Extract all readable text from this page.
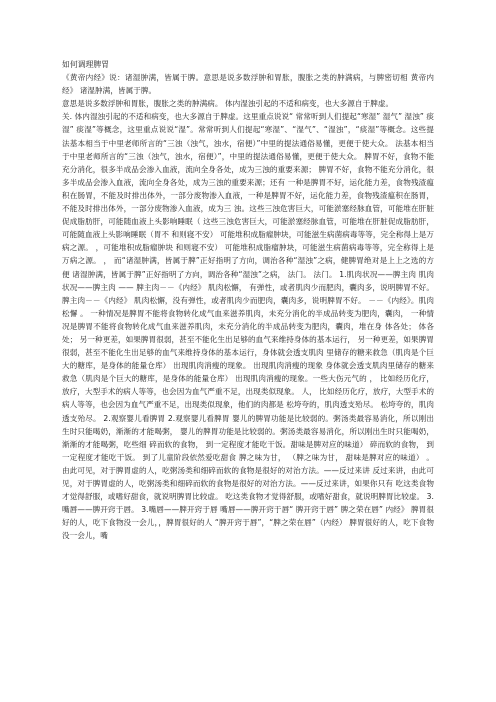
如何调理脾胃

《黄帝内经》说：诸湿肿满，皆属于脾。意思是说多数浮肿和胃胀，腹胀之类的肿满病，与脾密切相 黄帝内经》 诸湿肿满，皆属于脾。

意思是说多数浮肿和胃胀，腹胀之类的肿满病。 体内湿浊引起的不适和病变，也大多源自于脾虚。

关. 体内湿浊引起的不适和病变，也大多源自于脾虚。这里重点说说“ 常常听到人们提起“寒湿” 湿气” 湿浊” 痰湿” 痰湿”等概念，这里重点说说“湿”。常常听到人们提起“寒湿”、“湿气”、“湿浊”，“痰湿”等概念。这些提 法基本相当于中里老师所言的“三浊（浊气，浊水，宿便）”中里的提法通俗易懂，更便于使大众。 法基本相当于中里老师所言的“三浊（浊气，浊水，宿便）”，中里的提法通俗易懂，更便于使大众。 脾胃不好，食物不能充分消化，很多半成品会渗入血液，流向全身各处，成为三浊的重要来源； 脾胃不好，食物不能充分消化，很多半成品会渗入血液，流向全身各处，成为三浊的重要来源；还有 一种是脾胃不好，运化能力差，食物残渣瘟积在肠胃，不能及时排出体外，一部分废物渗入血液，一种是脾胃不好，运化能力差，食物残渣瘟积在肠胃，不能及时排出体外，一部分废物渗入血液，成为三 浊。这些三浊危害巨大，可能淤塞经脉血管，可能堆在肝脏促成脂肪肝，可能随血液上头影响睡眠（ 这些三浊危害巨大，可能淤塞经脉血管，可能堆在肝脏促成脂肪肝，可能随血液上头影响睡眠（胃不 和则寝不安） 可能堆积成脂瘤肿块，可能滋生病菌病毒等等，完全称得上是万病之源。 ，可能堆积成脂瘤肿块 和则寝不安） 可能堆积成脂瘤肿块，可能滋生病菌病毒等等，完全称得上是万病之源。 ， 而“诸湿肿满，皆属于脾”正好指明了方向，调治各种“湿浊”之病，健脾胃绝对是上上之选的方便 诸湿肿满，皆属于脾”正好指明了方向，调治各种“湿浊”之病， 法门。 法门。 1.肌肉状况——脾主肉 肌肉状况——脾主肉 —— 脾主肉－－《内经》 肌肉松懈， 有弹性，或者肌肉少而肥肉，囊肉多，说明脾胃不好。 脾主肉－－《内经》 肌肉松懈，没有弹性，或者肌肉少而肥肉，囊肉多，说明脾胃不好。 －－《内经》。肌肉松懈 。 一种情况是脾胃不能将食物转化成气血来滋养肌肉，未充分消化的半成品转变为肥肉，囊肉， 一种情况是脾胃不能将食物转化成气血来滋养肌肉，未充分消化的半成品转变为肥肉，囊肉，堆在身 体各处； 体各处； 另一种更差，如果脾胃很弱，甚至不能化生出足够的血气来维持身体的基本运行， 另一种更差，如果脾胃很弱，甚至不能化生出足够的血气来维持身体的基本运行，身体就会透支肌肉 里储存的糖来救急（肌肉是个巨大的糖库，是身体的能量仓库） 出现肌肉消瘦的现象。 出现肌肉消瘦的现象 身体就会透支肌肉里储存的糖来救急（肌肉是个巨大的糖库，是身体的能量仓库） 出现肌肉消瘦的现象。一些大伤元气的 ， 比如经历化疗，放疗，大型手术的病人等等，也会因为血气严重不足，出现类似现象。 人， 比如经历化疗，放疗，大型手术的病人等等，也会因为血气严重不足，出现类似现象，他们的肉都是 松垮夸的，肌肉透支殆尽。 松垮夸的，肌肉透支殆尽。 2.观察婴儿看脾胃 2.观察婴儿看脾胃 婴儿的脾胃功能是比较弱的。粥汤类最容易消化，所以刚出生时只能喝奶，渐渐的才能喝粥， 婴儿的脾胃功能是比较弱的。粥汤类最容易消化，所以刚出生时只能喝奶，渐渐的才能喝粥，吃些细 碎而软的食物， 到一定程度才能吃干饭。甜味是脾对应的味道） 碎而软的食物， 到一定程度才能吃干饭。 到了儿童阶段依然爱吃甜食 脾之味为甘， （脾之味为甘， 甜味是脾对应的味道） 。 由此可见，对于脾胃虚的人，吃粥汤类和细碎而软的食物是很好的对治方法。——反过来讲 反过来讲，由此可见，对于脾胃虚的人，吃粥汤类和细碎而软的食物是很好的对治方法。——反过来讲，如果你只有 吃这类食物才觉得舒服，或嗜好甜食，就说明脾胃比较虚。 吃这类食物才觉得舒服，或嗜好甜食，就说明脾胃比较虚。 3.嘴唇——脾开窍于唇。 3.嘴唇——脾开窍于唇 嘴唇——脾开窍于唇“ 脾开窍于唇” 脾之荣在唇” 内经》 脾胃很好的人，吃下食物没一会儿，，脾胃很好的人 “脾开窍于唇”，“脾之荣在唇”（内经） 脾胃很好的人，吃下食物没一会儿，嘴
